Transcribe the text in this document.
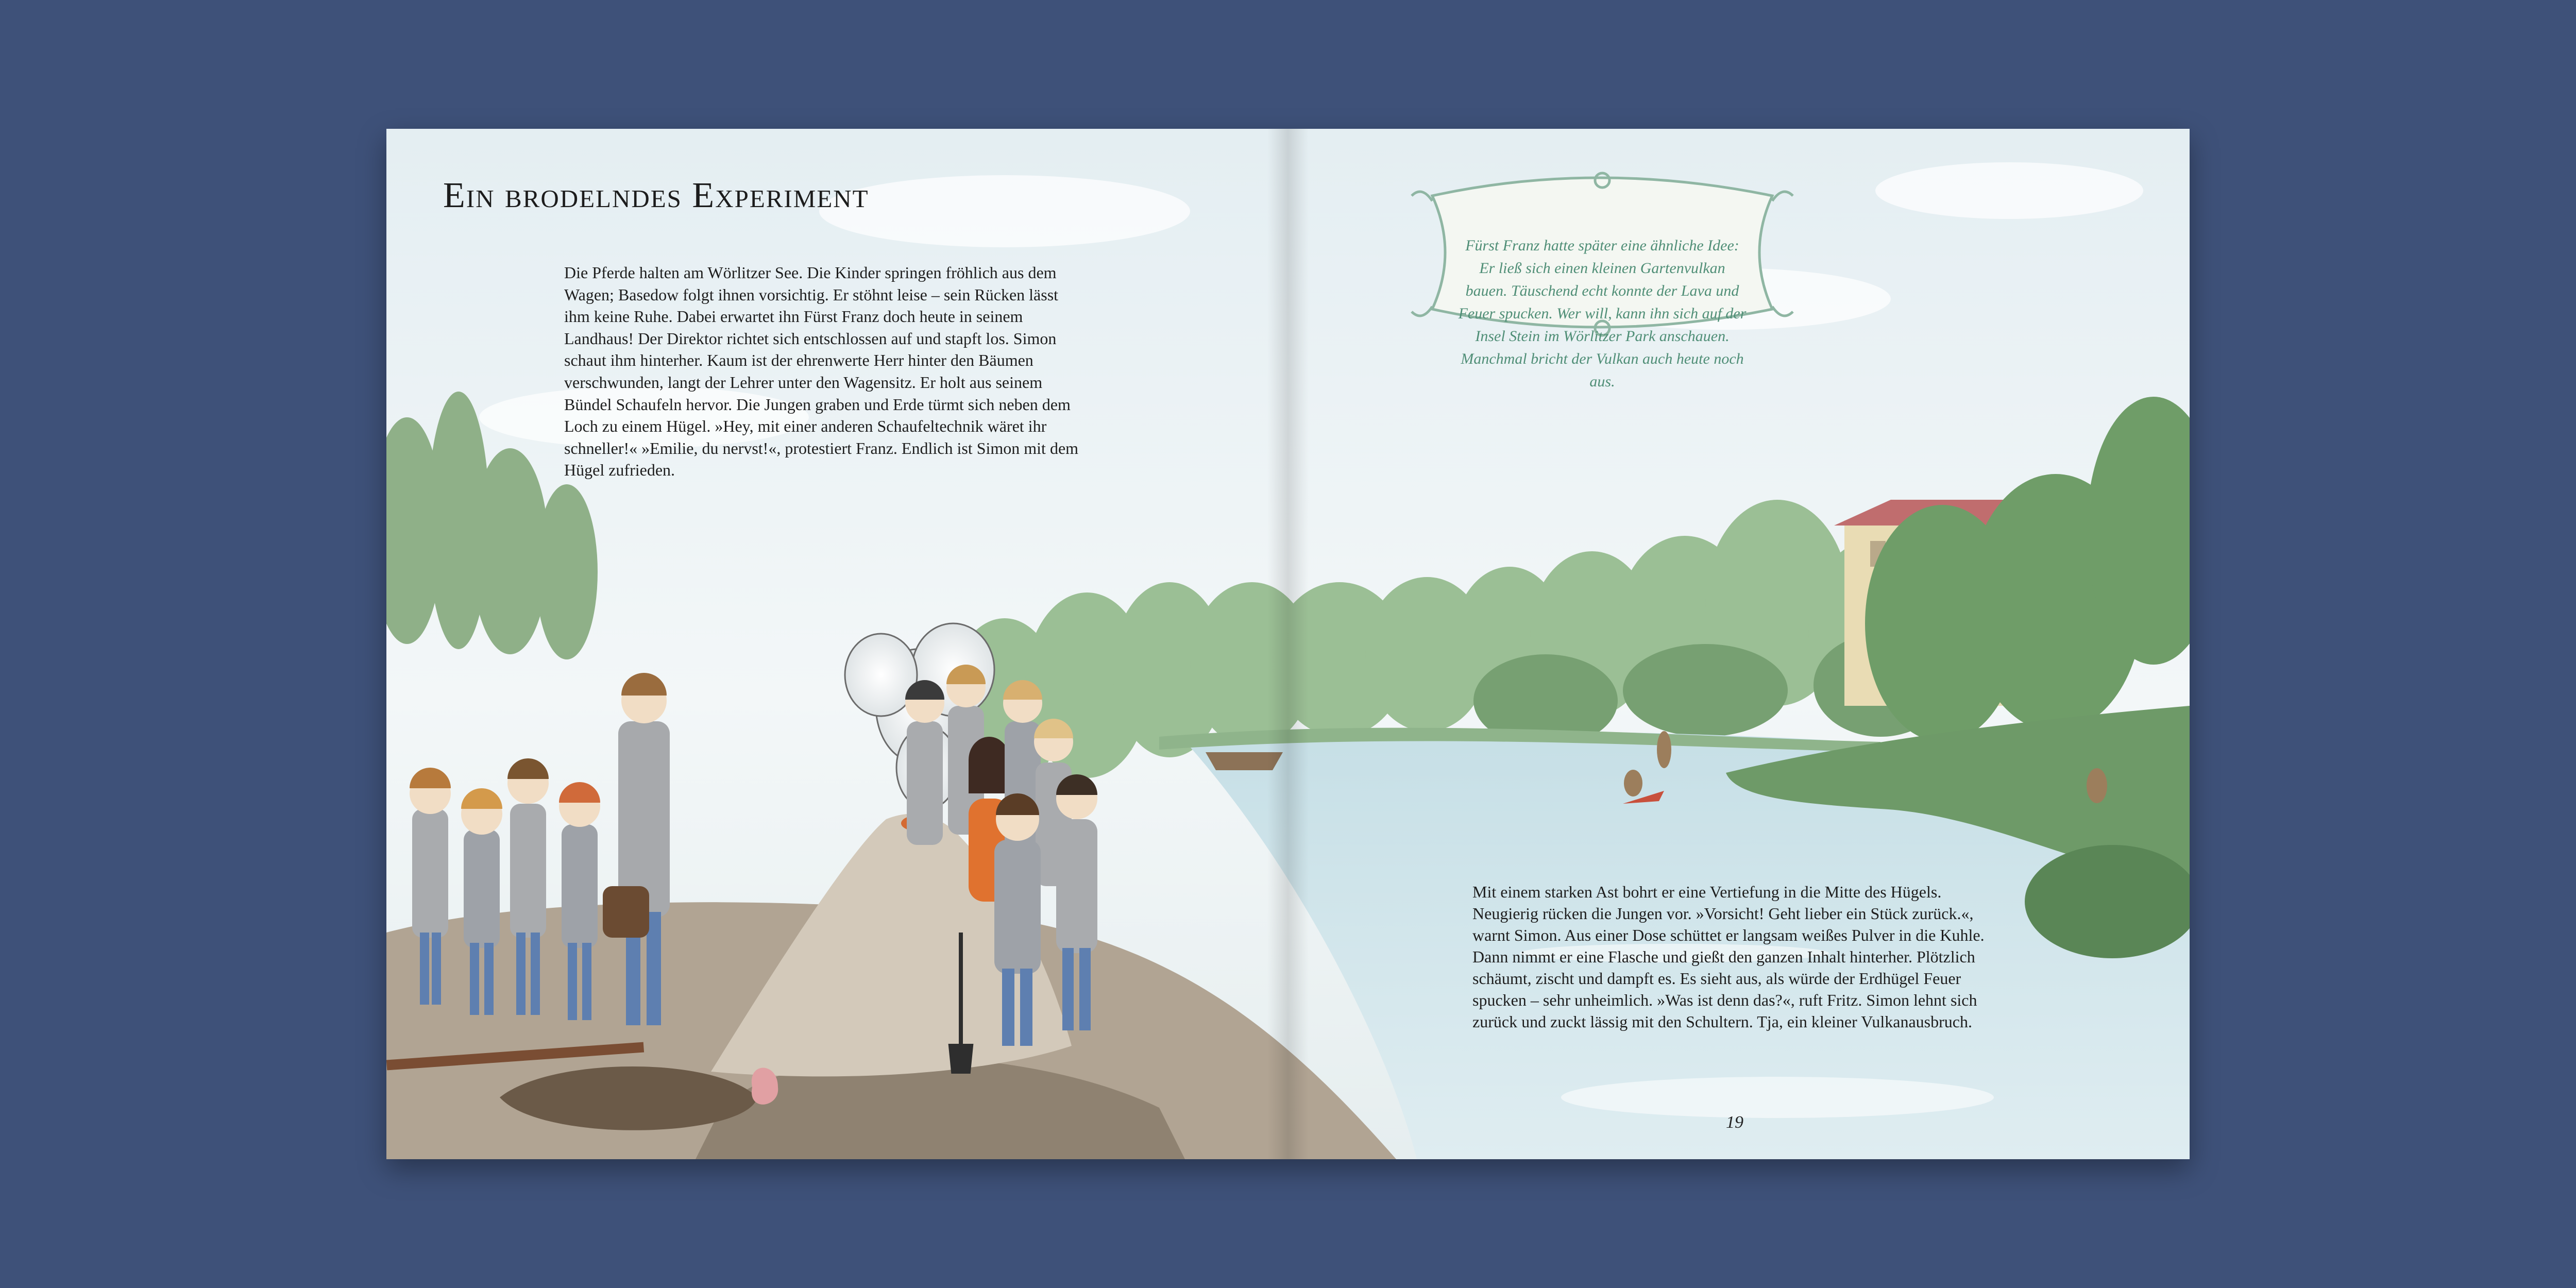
Ein brodelndes Experiment

Die Pferde halten am Wörlitzer See. Die Kinder springen fröhlich aus dem Wagen; Basedow folgt ihnen vorsichtig. Er stöhnt leise – sein Rücken lässt ihm keine Ruhe. Dabei erwartet ihn Fürst Franz doch heute in seinem Landhaus! Der Direktor richtet sich entschlossen auf und stapft los. Simon schaut ihm hinterher. Kaum ist der ehrenwerte Herr hinter den Bäumen verschwunden, langt der Lehrer unter den Wagensitz. Er holt aus seinem Bündel Schaufeln hervor. Die Jungen graben und Erde türmt sich neben dem Loch zu einem Hügel. »Hey, mit einer anderen Schaufeltechnik wäret ihr schneller!« »Emilie, du nervst!«, protestiert Franz. Endlich ist Simon mit dem Hügel zufrieden.

Fürst Franz hatte später eine ähnliche Idee: Er ließ sich einen kleinen Gartenvulkan bauen. Täuschend echt konnte der Lava und Feuer spucken. Wer will, kann ihn sich auf der Insel Stein im Wörlitzer Park anschauen. Manchmal bricht der Vulkan auch heute noch aus.

Mit einem starken Ast bohrt er eine Vertiefung in die Mitte des Hügels. Neugierig rücken die Jungen vor. »Vorsicht! Geht lieber ein Stück zurück.«, warnt Simon. Aus einer Dose schüttet er langsam weißes Pulver in die Kuhle. Dann nimmt er eine Flasche und gießt den ganzen Inhalt hinterher. Plötzlich schäumt, zischt und dampft es. Es sieht aus, als würde der Erdhügel Feuer spucken – sehr unheimlich. »Was ist denn das?«, ruft Fritz. Simon lehnt sich zurück und zuckt lässig mit den Schultern. Tja, ein kleiner Vulkanausbruch.

19
